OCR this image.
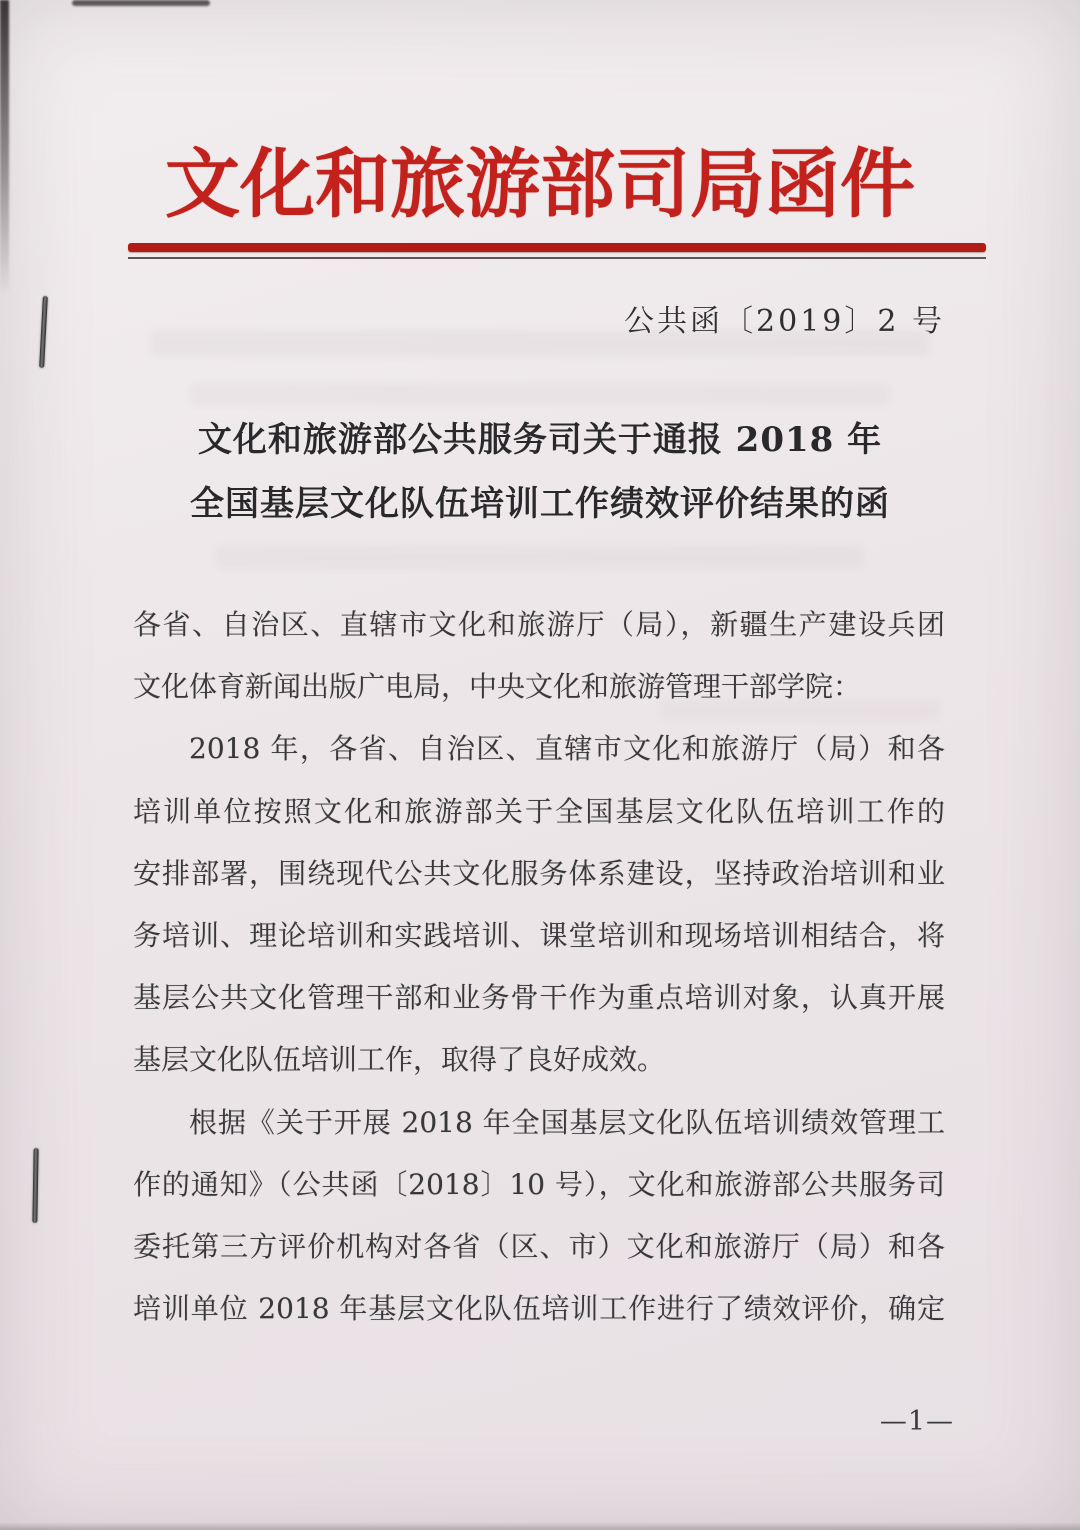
文化和旅游部司局函件
公共函〔2019〕2 号
文化和旅游部公共服务司关于通报 2018 年
全国基层文化队伍培训工作绩效评价结果的函
各省、自治区、直辖市文化和旅游厅（局），新疆生产建设兵团
文化体育新闻出版广电局，中央文化和旅游管理干部学院：
2018 年，各省、自治区、直辖市文化和旅游厅（局）和各
培训单位按照文化和旅游部关于全国基层文化队伍培训工作的
安排部署，围绕现代公共文化服务体系建设，坚持政治培训和业
务培训、理论培训和实践培训、课堂培训和现场培训相结合，将
基层公共文化管理干部和业务骨干作为重点培训对象，认真开展
基层文化队伍培训工作，取得了良好成效。
根据《关于开展 2018 年全国基层文化队伍培训绩效管理工
作的通知》（公共函〔2018〕10 号），文化和旅游部公共服务司
委托第三方评价机构对各省（区、市）文化和旅游厅（局）和各
培训单位 2018 年基层文化队伍培训工作进行了绩效评价，确定
—1—
